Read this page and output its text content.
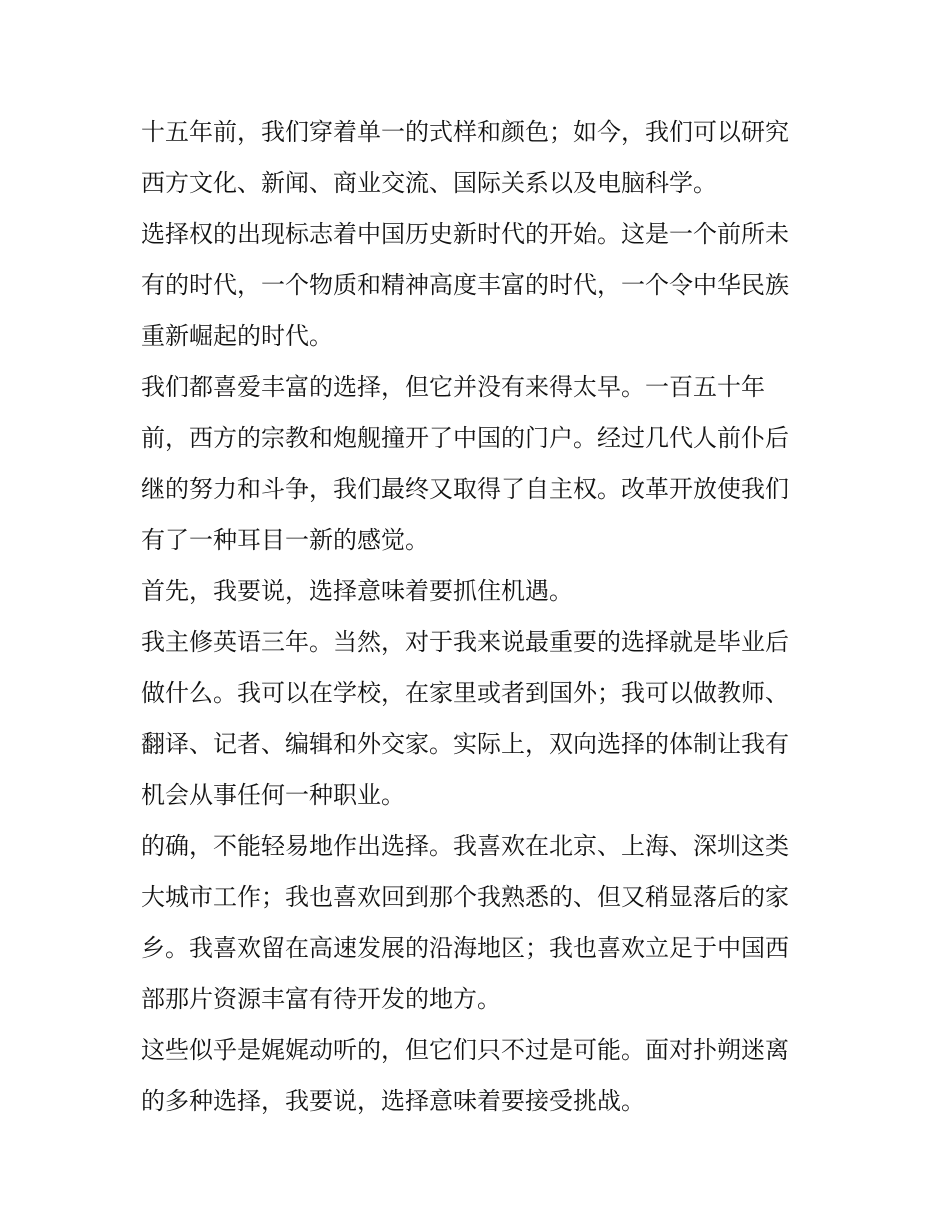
十五年前，我们穿着单一的式样和颜色；如今，我们可以研究
西方文化、新闻、商业交流、国际关系以及电脑科学。

选择权的出现标志着中国历史新时代的开始。这是一个前所未
有的时代，一个物质和精神高度丰富的时代，一个令中华民族
重新崛起的时代。

我们都喜爱丰富的选择，但它并没有来得太早。一百五十年
前，西方的宗教和炮舰撞开了中国的门户。经过几代人前仆后
继的努力和斗争，我们最终又取得了自主权。改革开放使我们
有了一种耳目一新的感觉。

首先，我要说，选择意味着要抓住机遇。

我主修英语三年。当然，对于我来说最重要的选择就是毕业后
做什么。我可以在学校，在家里或者到国外；我可以做教师、
翻译、记者、编辑和外交家。实际上，双向选择的体制让我有
机会从事任何一种职业。

的确，不能轻易地作出选择。我喜欢在北京、上海、深圳这类
大城市工作；我也喜欢回到那个我熟悉的、但又稍显落后的家
乡。我喜欢留在高速发展的沿海地区；我也喜欢立足于中国西
部那片资源丰富有待开发的地方。

这些似乎是娓娓动听的，但它们只不过是可能。面对扑朔迷离
的多种选择，我要说，选择意味着要接受挑战。
